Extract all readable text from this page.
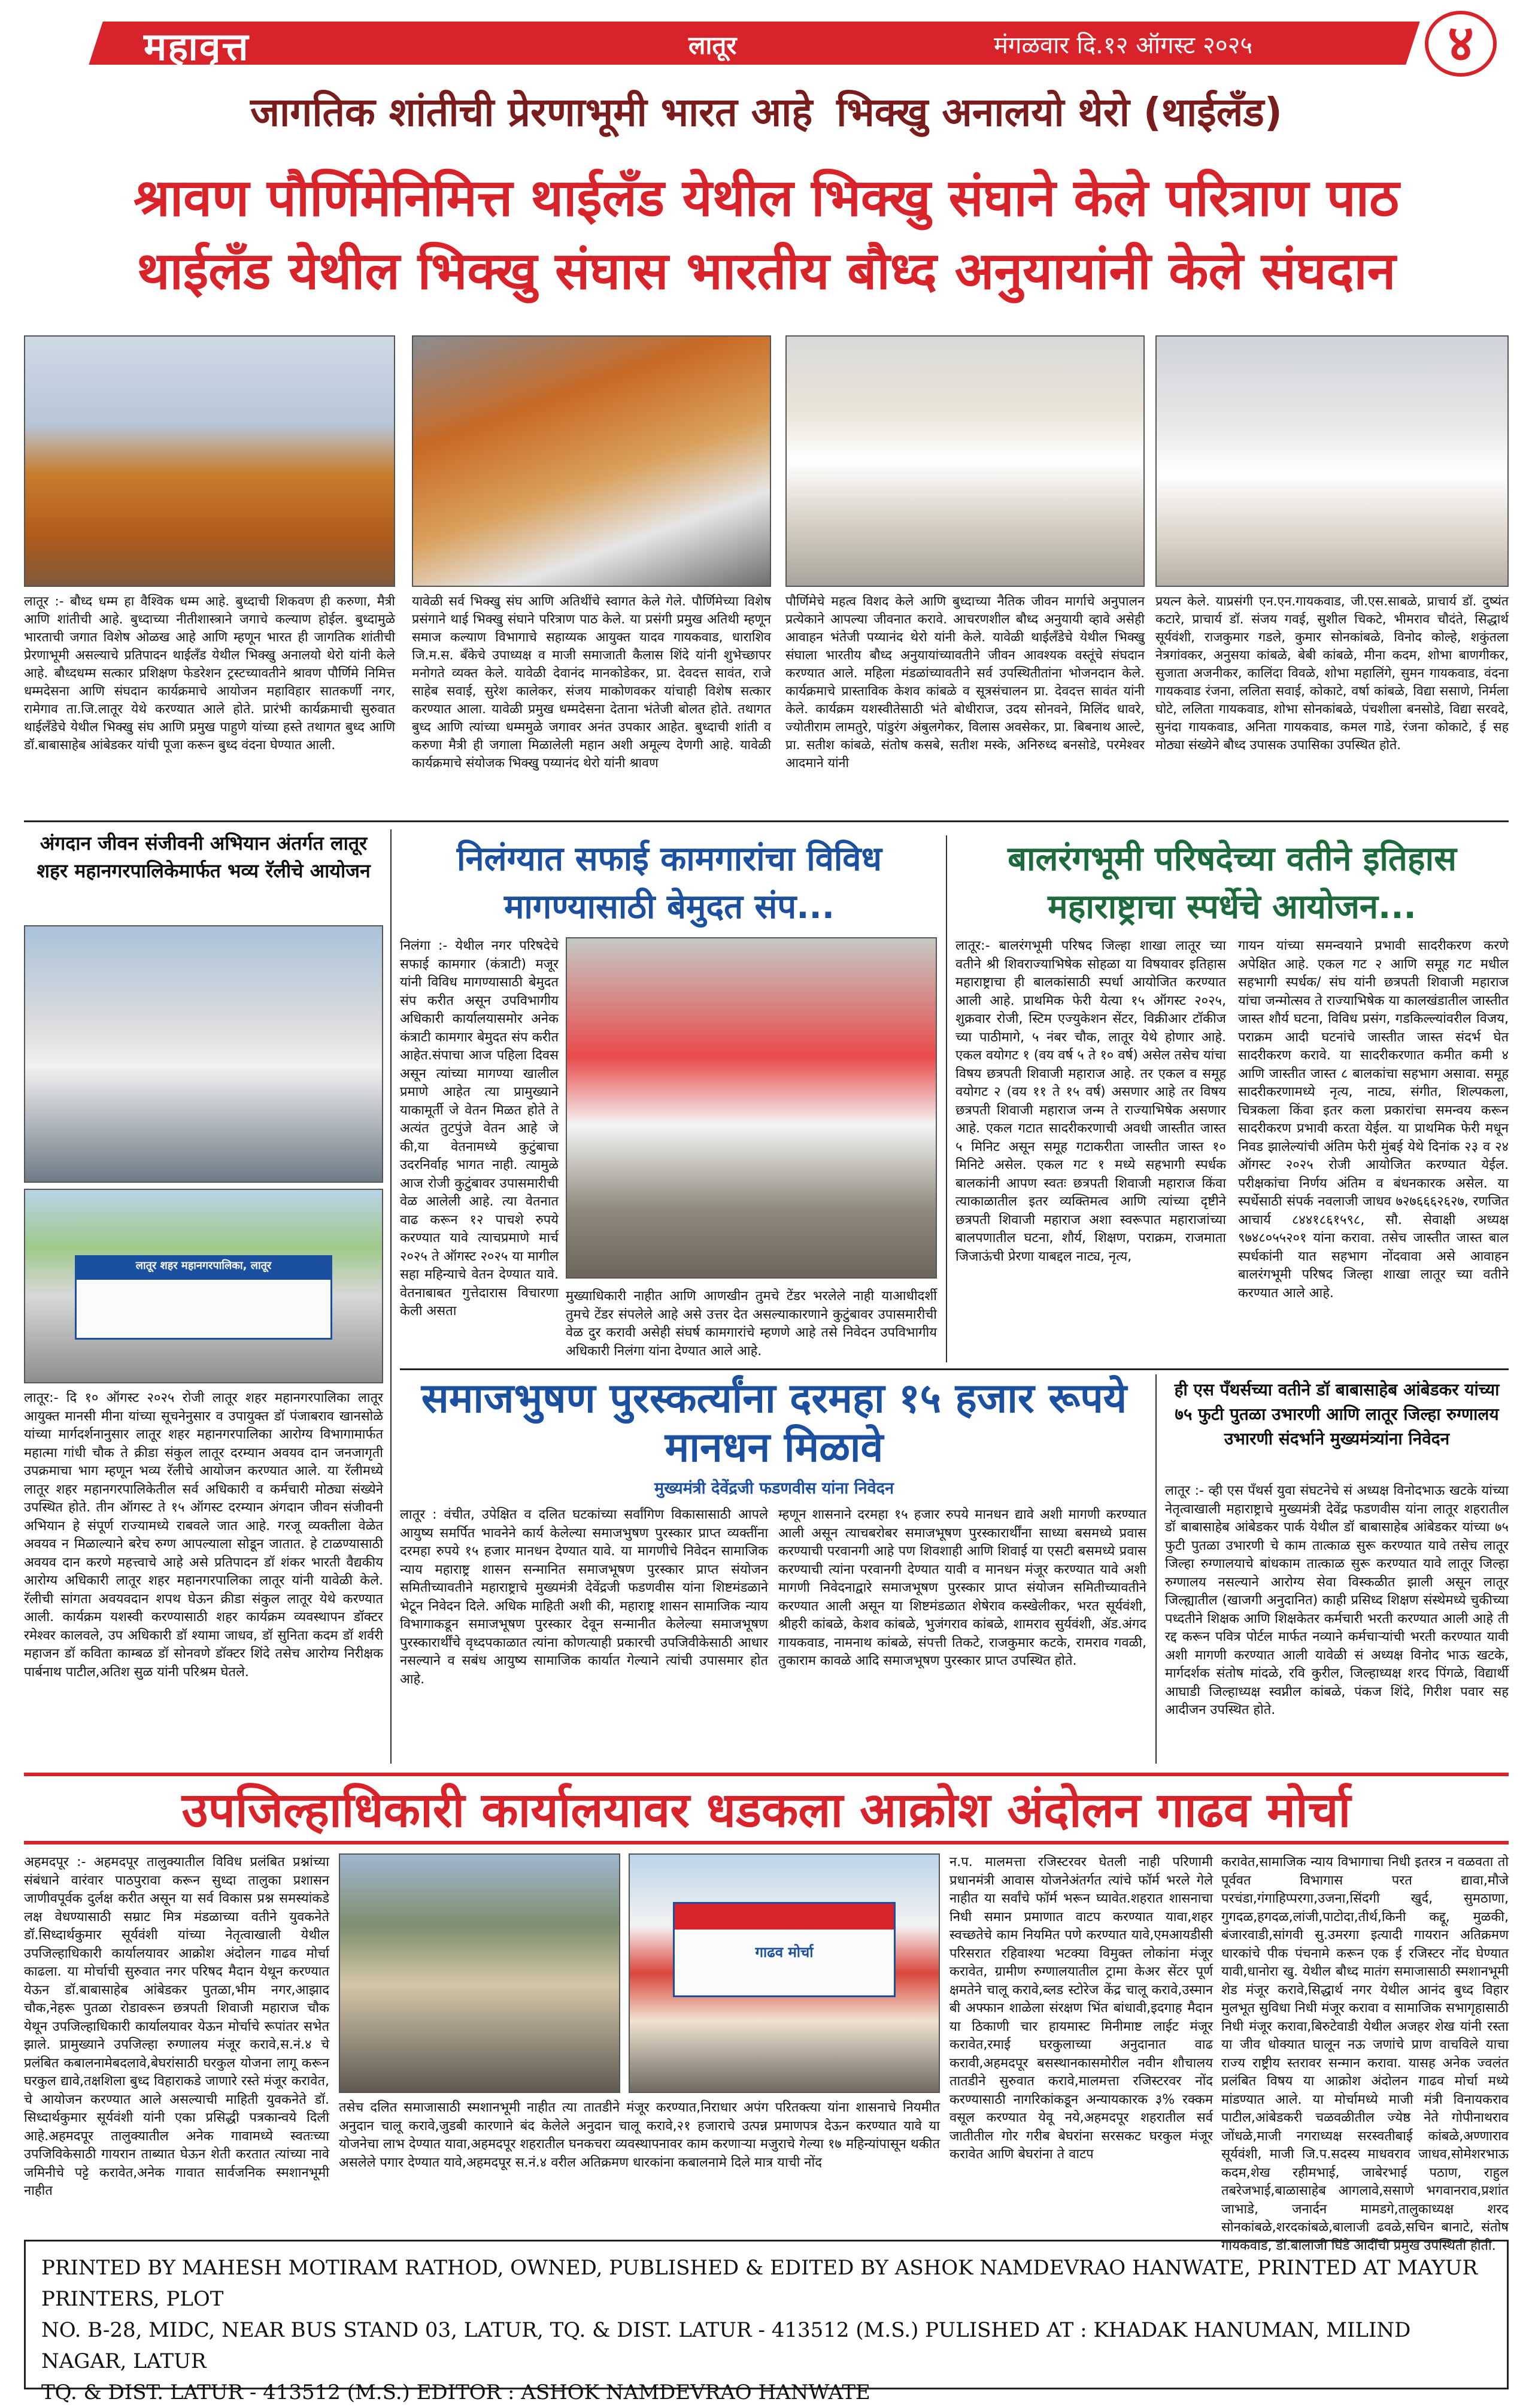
महावृत्त	लातूर	मंगळवार दि.१२ ऑगस्ट २०२५	४
जागतिक शांतीची प्रेरणाभूमी भारत आहे भिक्खु अनालयो थेरो (थाईलँड)
श्रावण पौर्णिमेनिमित्त थाईलँड येथील भिक्खु संघाने केले परित्राण पाठ
थाईलँड येथील भिक्खु संघास भारतीय बौध्द अनुयायांनी केले संघदान
लातूर :- बौध्द धम्म हा वैश्विक धम्म आहे. बुध्दाची शिकवण ही करुणा, मैत्री आणि शांतीची आहे. बुध्दाच्या नीतीशास्त्राने जगाचे कल्याण होईल. बुध्दामुळे भारताची जगात विशेष ओळख आहे आणि म्हणून भारत ही जागतिक शांतीची प्रेरणाभूमी असल्याचे प्रतिपादन थाईलँड येथील भिक्खु अनालयो थेरो यांनी केले आहे. बौध्दधम्म सत्कार प्रशिक्षण फेडरेशन ट्रस्टच्यावतीने श्रावण पौर्णिमे निमित्त धम्मदेसना आणि संघदान कार्यक्रमाचे आयोजन महाविहार सातकर्णी नगर, रामेगाव ता.जि.लातूर येथे करण्यात आले होते. प्रारंभी कार्यक्रमाची सुरुवात थाईलँडेचे येथील भिक्खु संघ आणि प्रमुख पाहुणे यांच्या हस्ते तथागत बुध्द आणि डॉ.बाबासाहेब आंबेडकर यांची पूजा करून बुध्द वंदना घेण्यात आली.
यावेळी सर्व भिक्खु संघ आणि अतिथींचे स्वागत केले गेले. पौर्णिमेच्या विशेष प्रसंगाने थाई भिक्खु संघाने परित्राण पाठ केले. या प्रसंगी प्रमुख अतिथी म्हणून समाज कल्याण विभागाचे सहाय्यक आयुक्त यादव गायकवाड, धाराशिव जि.म.स. बँकेचे उपाध्यक्ष व माजी समाजाती कैलास शिंदे यांनी शुभेच्छापर मनोगते व्यक्त केले. यावेळी देवानंद मानकोडेकर, प्रा. देवदत्त सावंत, राजे साहेब सवाई, सुरेश कालेकर, संजय माकोणवकर यांचाही विशेष सत्कार करण्यात आला. यावेळी प्रमुख धम्मदेसना देताना भंतेजी बोलत होते. तथागत बुध्द आणि त्यांच्या धम्ममुळे जगावर अनंत उपकार आहेत. बुध्दाची शांती व करुणा मैत्री ही जगाला मिळालेली महान अशी अमूल्य देणगी आहे. यावेळी कार्यक्रमाचे संयोजक भिक्खु पय्यानंद थेरो यांनी श्रावण
पौर्णिमेचे महत्व विशद केले आणि बुध्दाच्या नैतिक जीवन मार्गाचे अनुपालन प्रत्येकाने आपल्या जीवनात करावे. आचरणशील बौध्द अनुयायी व्हावे असेही आवाहन भंतेजी पय्यानंद थेरो यांनी केले. यावेळी थाईलँडेचे येथील भिक्खु संघाला भारतीय बौध्द अनुयायांच्यावतीने जीवन आवश्यक वस्तूंचे संघदान करण्यात आले. महिला मंडळांच्यावतीने सर्व उपस्थितीतांना भोजनदान केले. कार्यक्रमाचे प्रास्ताविक केशव कांबळे व सूत्रसंचालन प्रा. देवदत्त सावंत यांनी केले. कार्यक्रम यशस्वीतेसाठी भंते बोधीराज, उदय सोनवने, मिलिंद धावरे, ज्योतीराम लामतुरे, पांडुरंग अंबुलगेकर, विलास अवसेकर, प्रा. बिबनाथ आल्टे, प्रा. सतीश कांबळे, संतोष कसबे, सतीश मस्के, अनिरुध्द बनसोडे, परमेश्वर आदमाने यांनी
प्रयत्न केले. याप्रसंगी एन.एन.गायकवाड, जी.एस.साबळे, प्राचार्य डॉ. दुष्यंत कटारे, प्राचार्य डॉ. संजय गवई, सुशील चिकटे, भीमराव चौदंते, सिद्धार्थ सूर्यवंशी, राजकुमार गडले, कुमार सोनकांबळे, विनोद कोल्हे, शकुंतला नेत्रगांवकर, अनुसया कांबळे, बेबी कांबळे, मीना कदम, शोभा बाणगीकर, सुजाता अजनीकर, कालिंदा विवळे, शोभा महालिंगे, सुमन गायकवाड, वंदना गायकवाड रंजना, ललिता सवाई, कोकाटे, वर्षा कांबळे, विद्या ससाणे, निर्मला घोटे, ललिता गायकवाड, शोभा सोनकांबळे, पंचशीला बनसोडे, विद्या सरवदे, सुनंदा गायकवाड, अनिता गायकवाड, कमल गाडे, रंजना कोकाटे, ई सह मोठ्या संख्येने बौध्द उपासक उपासिका उपस्थित होते.
अंगदान जीवन संजीवनी अभियान अंतर्गत लातूर शहर महानगरपालिकेमार्फत भव्य रॅलीचे आयोजन
लातूर शहर महानगरपालिका, लातूर
लातूर:- दि १० ऑगस्ट २०२५ रोजी लातूर शहर महानगरपालिका लातूर आयुक्त मानसी मीना यांच्या सूचनेनुसार व उपायुक्त डॉ पंजाबराव खानसोळे यांच्या मार्गदर्शनानुसार लातूर शहर महानगरपालिका आरोग्य विभागामार्फत महात्मा गांधी चौक ते क्रीडा संकुल लातूर दरम्यान अवयव दान जनजागृती उपक्रमाचा भाग म्हणून भव्य रॅलीचे आयोजन करण्यात आले. या रॅलीमध्ये लातूर शहर महानगरपालिकेतील सर्व अधिकारी व कर्मचारी मोठ्या संख्येने उपस्थित होते. तीन ऑगस्ट ते १५ ऑगस्ट दरम्यान अंगदान जीवन संजीवनी अभियान हे संपूर्ण राज्यामध्ये राबवले जात आहे. गरजू व्यक्तीला वेळेत अवयव न मिळाल्याने बरेच रुग्ण आपल्याला सोडून जातात. हे टाळण्यासाठी अवयव दान करणे महत्त्वाचे आहे असे प्रतिपादन डॉ शंकर भारती वैद्यकीय आरोग्य अधिकारी लातूर शहर महानगरपालिका लातूर यांनी यावेळी केले. रॅलीची सांगता अवयवदान शपथ घेऊन क्रीडा संकुल लातूर येथे करण्यात आली. कार्यक्रम यशस्वी करण्यासाठी शहर कार्यक्रम व्यवस्थापन डॉक्टर रमेश्वर कालवले, उप अधिकारी डॉ श्यामा जाधव, डॉ सुनिता कदम डॉ शर्वरी महाजन डॉ कविता काम्बळ डॉ सोनवणे डॉक्टर शिंदे तसेच आरोग्य निरीक्षक पार्बनाथ पाटील,अतिश सुळ यांनी परिश्रम घेतले.
निलंग्यात सफाई कामगारांचा विविध मागण्यासाठी बेमुदत संप...
निलंगा :- येथील नगर परिषदेचे सफाई कामगार (कंत्राटी) मजूर यांनी विविध मागण्यासाठी बेमुदत संप करीत असून उपविभागीय अधिकारी कार्यालयासमोर अनेक कंत्राटी कामगार बेमुदत संप करीत आहेत.संपाचा आज पहिला दिवस असून त्यांच्या मागण्या खालील प्रमाणे आहेत त्या प्रामुख्याने याकामूर्ती जे वेतन मिळत होते ते अत्यंत तुटपुंजे वेतन आहे जे की,या वेतनामध्ये कुटुंबाचा उदरनिर्वाह भागत नाही. त्यामुळे आज रोजी कुटुंबावर उपासमारीची वेळ आलेली आहे. त्या वेतनात वाढ करून १२ पाचशे रुपये करण्यात यावे त्याचप्रमाणे मार्च २०२५ ते ऑगस्ट २०२५ या मागील सहा महिन्याचे वेतन देण्यात यावे. वेतनाबाबत गुत्तेदारास विचारणा केली असता
मुख्याधिकारी नाहीत आणि आणखीन तुमचे टेंडर भरलेले नाही याआधीदर्शी तुमचे टेंडर संपलेले आहे असे उत्तर देत असल्याकारणाने कुटुंबावर उपासमारीची वेळ दुर करावी असेही संघर्ष कामगारांचे म्हणणे आहे तसे निवेदन उपविभागीय अधिकारी निलंगा यांना देण्यात आले आहे.
बालरंगभूमी परिषदेच्या वतीने इतिहास महाराष्ट्राचा स्पर्धेचे आयोजन...
लातूर:- बालरंगभूमी परिषद जिल्हा शाखा लातूर च्या वतीने श्री शिवराज्याभिषेक सोहळा या विषयावर इतिहास महाराष्ट्राचा ही बालकांसाठी स्पर्धा आयोजित करण्यात आली आहे. प्राथमिक फेरी येत्या १५ ऑगस्ट २०२५, शुक्रवार रोजी, स्टिम एज्युकेशन सेंटर, विक्रीआर टॉकीज च्या पाठीमागे, ५ नंबर चौक, लातूर येथे होणार आहे. एकल वयोगट १ (वय वर्ष ५ ते १० वर्ष) असेल तसेच यांचा विषय छत्रपती शिवाजी महाराज आहे. तर एकल व समूह वयोगट २ (वय ११ ते १५ वर्ष) असणार आहे तर विषय छत्रपती शिवाजी महाराज जन्म ते राज्याभिषेक असणार आहे. एकल गटात सादरीकरणाची अवधी जास्तीत जास्त ५ मिनिट असून समूह गटाकरीता जास्तीत जास्त १० मिनिटे असेल. एकल गट १ मध्ये सहभागी स्पर्धक बालकांनी आपण स्वतः छत्रपती शिवाजी महाराज किंवा त्याकाळातील इतर व्यक्तिमत्व आणि त्यांच्या दृष्टीने छत्रपती शिवाजी महाराज अशा स्वरूपात महाराजांच्या बालपणातील घटना, शौर्य, शिक्षण, पराक्रम, राजमाता जिजाऊंची प्रेरणा याबद्दल नाट्य, नृत्य,
गायन यांच्या समन्वयाने प्रभावी सादरीकरण करणे अपेक्षित आहे. एकल गट २ आणि समूह गट मधील सहभागी स्पर्धक/ संघ यांनी छत्रपती शिवाजी महाराज यांचा जन्मोत्सव ते राज्याभिषेक या कालखंडातील जास्तीत जास्त शौर्य घटना, विविध प्रसंग, गडकिल्ल्यांवरील विजय, पराक्रम आदी घटनांचे जास्तीत जास्त संदर्भ घेत सादरीकरण करावे. या सादरीकरणात कमीत कमी ४ आणि जास्तीत जास्त ८ बालकांचा सहभाग असावा. समूह सादरीकरणामध्ये नृत्य, नाट्य, संगीत, शिल्पकला, चित्रकला किंवा इतर कला प्रकारांचा समन्वय करून सादरीकरण प्रभावी करता येईल. या प्राथमिक फेरी मधून निवड झालेल्यांची अंतिम फेरी मुंबई येथे दिनांक २३ व २४ ऑगस्ट २०२५ रोजी आयोजित करण्यात येईल. परीक्षकांचा निर्णय अंतिम व बंधनकारक असेल. या स्पर्धेसाठी संपर्क नवलाजी जाधव ७२७६६६२६२७, रणजित आचार्य ८४४१८६१५९८, सौ. सेवाक्षी अध्यक्ष ९७४८०५५२०१ यांना करावा. तसेच जास्तीत जास्त बाल स्पर्धकांनी यात सहभाग नोंदवावा असे आवाहन बालरंगभूमी परिषद जिल्हा शाखा लातूर च्या वतीने करण्यात आले आहे.
समाजभुषण पुरस्कर्त्यांना दरमहा १५ हजार रूपये मानधन मिळावे
मुख्यमंत्री देवेंद्रजी फडणवीस यांना निवेदन
लातूर : वंचीत, उपेक्षित व दलित घटकांच्या सर्वांगिण विकासासाठी आपले आयुष्य समर्पित भावनेने कार्य केलेल्या समाजभुषण पुरस्कार प्राप्त व्यक्तींना दरमहा रुपये १५ हजार मानधन देण्यात यावे. या मागणीचे निवेदन सामाजिक न्याय महाराष्ट्र शासन सन्मानित समाजभूषण पुरस्कार प्राप्त संयोजन समितीच्यावतीने महाराष्ट्राचे मुख्यमंत्री देवेंद्रजी फडणवीस यांना शिष्टमंडळाने भेटून निवेदन दिले. अधिक माहिती अशी की, महाराष्ट्र शासन सामाजिक न्याय विभागाकडून समाजभूषण पुरस्कार देवून सन्मानीत केलेल्या समाजभूषण पुरस्कारार्थींचे वृध्दपकाळात त्यांना कोणत्याही प्रकारची उपजिवीकेसाठी आधार नसल्याने व सबंध आयुष्य सामाजिक कार्यात गेल्याने त्यांची उपासमार होत आहे.
म्हणून शासनाने दरमहा १५ हजार रुपये मानधन द्यावे अशी मागणी करण्यात आली असून त्याचबरोबर समाजभूषण पुरस्कारार्थींना साध्या बसमध्ये प्रवास करण्याची परवानगी आहे पण शिवशाही आणि शिवाई या एसटी बसमध्ये प्रवास करण्याची त्यांना परवानगी देण्यात यावी व मानधन मंजूर करण्यात यावे अशी मागणी निवेदनाद्वारे समाजभूषण पुरस्कार प्राप्त संयोजन समितीच्यावतीने करण्यात आली असून या शिष्टमंडळात शेषेराव कस्खेलीकर, भरत सूर्यवंशी, श्रीहरी कांबळे, केशव कांबळे, भुजंगराव कांबळे, शामराव सुर्यवंशी, ॲड.अंगद गायकवाड, नामनाथ कांबळे, संपत्ती तिकटे, राजकुमार कटके, रामराव गवळी, तुकाराम कावळे आदि समाजभूषण पुरस्कार प्राप्त उपस्थित होते.
ही एस पँथर्सच्या वतीने डॉ बाबासाहेब आंबेडकर यांच्या ७५ फुटी पुतळा उभारणी आणि लातूर जिल्हा रुग्णालय उभारणी संदर्भाने मुख्यमंत्र्यांना निवेदन
लातूर :- व्ही एस पँथर्स युवा संघटनेचे सं अध्यक्ष विनोदभाऊ खटके यांच्या नेतृत्वाखाली महाराष्ट्राचे मुख्यमंत्री देवेंद्र फडणवीस यांना लातूर शहरातील डॉ बाबासाहेब आंबेडकर पार्क येथील डॉ बाबासाहेब आंबेडकर यांच्या ७५ फुटी पुतळा उभारणी चे काम तात्काळ सुरू करण्यात यावे तसेच लातूर जिल्हा रुग्णालयाचे बांधकाम तात्काळ सुरू करण्यात यावे लातूर जिल्हा रुग्णालय नसल्याने आरोग्य सेवा विस्कळीत झाली असून लातूर जिल्ह्यातील (खाजगी अनुदानित) काही प्रसिध्द शिक्षण संस्थेमध्ये चुकीच्या पध्दतीने शिक्षक आणि शिक्षकेतर कर्मचारी भरती करण्यात आली आहे ती रद्द करून पवित्र पोर्टल मार्फत नव्याने कर्मचाऱ्यांची भरती करण्यात यावी अशी मागणी करण्यात आली यावेळी सं अध्यक्ष विनोद भाऊ खटके, मार्गदर्शक संतोष मांदळे, रवि कुरील, जिल्हाध्यक्ष शरद पिंगळे, विद्यार्थी आघाडी जिल्हाध्यक्ष स्वप्नील कांबळे, पंकज शिंदे, गिरीश पवार सह आदीजन उपस्थित होते.
उपजिल्हाधिकारी कार्यालयावर धडकला आक्रोश अंदोलन गाढव मोर्चा
अहमदपूर :- अहमदपूर तालुक्यातील विविध प्रलंबित प्रश्नांच्या संबंधाने वारंवार पाठपुरावा करून सुध्दा तालुका प्रशासन जाणीवपूर्वक दुर्लक्ष करीत असून या सर्व विकास प्रश्न समस्यांकडे लक्ष वेधण्यासाठी सम्राट मित्र मंडळाच्या वतीने युवकनेते डॉ.सिध्दार्थकुमार सूर्यवंशी यांच्या नेतृत्वाखाली येथील उपजिल्हाधिकारी कार्यालयावर आक्रोश अंदोलन गाढव मोर्चा काढला. या मोर्चाची सुरुवात नगर परिषद मैदान येथून करण्यात येऊन डॉ.बाबासाहेब आंबेडकर पुतळा,भीम नगर,आझाद चौक,नेहरू पुतळा रोडावरून छत्रपती शिवाजी महाराज चौक येथून उपजिल्हाधिकारी कार्यालयावर येऊन मोर्चाचे रूपांतर सभेत झाले. प्रामुख्याने उपजिल्हा रुग्णालय मंजूर करावे,स.नं.४ चे प्रलंबित कबालनामेबदलावे,बेघरांसाठी घरकुल योजना लागू करून घरकुल द्यावे,तक्षशिला बुध्द विहाराकडे जाणारे रस्ते मंजूर करावेत, चे आयोजन करण्यात आले असल्याची माहिती युवकनेते डॉ. सिध्दार्थकुमार सूर्यवंशी यांनी एका प्रसिद्धी पत्रकान्वये दिली आहे.अहमदपूर तालुक्यातील अनेक गावामध्ये स्वतःच्या उपजिविकेसाठी गायरान ताब्यात घेऊन शेती करतात त्यांच्या नावे जमिनीचे पट्टे करावेत,अनेक गावात सार्वजनिक स्मशानभूमी नाहीत
गाढव मोर्चा
तसेच दलित समाजासाठी स्मशानभूमी नाहीत त्या तातडीने मंजूर करण्यात,निराधार अपंग परितक्त्या यांना शासनाचे नियमीत अनुदान चालू करावे,जुडबी कारणाने बंद केलेले अनुदान चालू करावे,२१ हजाराचे उत्पन्न प्रमाणपत्र देऊन करण्यात यावे या योजनेचा लाभ देण्यात यावा,अहमदपूर शहरातील घनकचरा व्यवस्थापनावर काम करणाऱ्या मजुराचे गेल्या १७ महिन्यांपासून थकीत असलेले पगार देण्यात यावे,अहमदपूर स.नं.४ वरील अतिक्रमण धारकांना कबालनामे दिले मात्र याची नोंद
न.प. मालमत्ता रजिस्टरवर घेतली नाही परिणामी प्रधानमंत्री आवास योजनेअंतर्गत त्यांचे फॉर्म भरले गेले नाहीत या सर्वांचे फॉर्म भरून घ्यावेत.शहरात शासनाचा निधी समान प्रमाणात वाटप करण्यात यावा,शहर स्वच्छतेचे काम नियमित पणे करण्यात यावे,एमआयडीसी परिसरात रहिवाश्या भटक्या विमुक्त लोकांना मंजूर करावेत, ग्रामीण रुग्णालयातील ट्रामा केअर सेंटर पूर्ण क्षमतेने चालू करावे,ब्लड स्टोरेज केंद्र चालू करावे,उस्मान बी अफ्फान शाळेला संरक्षण भिंत बांधावी,इदगाह मैदान या ठिकाणी चार हायमास्ट मिनीमाष्ट लाईट मंजूर करावेत,रमाई घरकुलाच्या अनुदानात वाढ करावी,अहमदपूर बसस्थानकासमोरील नवीन शौचालय तातडीने सुरुवात करावे,मालमत्ता रजिस्टरवर नोंद करण्यासाठी नागरिकांकडून अन्यायकारक ३% रक्कम वसूल करण्यात येवू नये,अहमदपूर शहरातील सर्व जातीतील गोर गरीब बेघरांना सरसकट घरकुल मंजूर करावेत आणि बेघरांना ते वाटप
करावेत,सामाजिक न्याय विभागाचा निधी इतरत्र न वळवता तो पूर्ववत विभागास परत द्यावा,मौजे परचंडा,गंगाहिप्परगा,उजना,सिंदगी खुर्द, सुमठाणा, गुगदळ,हगदळ,लांजी,पाटोदा,तीर्थ,किनी कद्दू, मुळकी, बंजारवाडी,सांगवी सु.उमरगा इत्यादी गायरान अतिक्रमण धारकांचे पीक पंचनामे करून एक ई रजिस्टर नोंद घेण्यात यावी,धानोरा खु. येथील बौध्द मातंग समाजासाठी स्मशानभूमी शेड मंजूर करावे,सिद्धार्थ नगर येथील आनंद बुध्द विहार मुलभूत सुविधा निधी मंजूर करावा व सामाजिक सभागृहासाठी निधी मंजूर करावा,बिरुटेवाडी येथील अजहर शेख यांनी रस्ता या जीव धोक्यात घालून नऊ जणांचे प्राण वाचविले याचा राज्य राष्ट्रीय स्तरावर सन्मान करावा. यासह अनेक ज्वलंत प्रलंबित विषय या आक्रोश अंदोलन गाढव मोर्चा मध्ये मांडण्यात आले. या मोर्चामध्ये माजी मंत्री विनायकराव पाटील,आंबेडकरी चळवळीतील ज्येष्ठ नेते गोपीनाथराव जोंधळे,माजी नगराध्यक्ष सरस्वतीबाई कांबळे,अण्णाराव सूर्यवंशी, माजी जि.प.सदस्य माधवराव जाधव,सोमेशरभाऊ कदम,शेख रहीमभाई, जाबेरभाई पठाण, राहुल तबरेजभाई,बाळासाहेब आगलावे,ससाणे भगवानराव,प्रशांत जाभाडे, जनार्दन मामडगे,तालुकाध्यक्ष शरद सोनकांबळे,शरदकांबळे,बालाजी ढवळे,सचिन बानाटे, संतोष गायकवाड, डॉ.बालाजी घिंडे आदींची प्रमुख उपस्थिती होती.
PRINTED BY MAHESH MOTIRAM RATHOD, OWNED, PUBLISHED & EDITED BY ASHOK NAMDEVRAO HANWATE, PRINTED AT MAYUR PRINTERS, PLOT
NO. B-28, MIDC, NEAR BUS STAND 03, LATUR, TQ. & DIST. LATUR - 413512 (M.S.) PULISHED AT : KHADAK HANUMAN, MILIND NAGAR, LATUR
TQ. & DIST. LATUR - 413512 (M.S.) EDITOR : ASHOK NAMDEVRAO HANWATE
